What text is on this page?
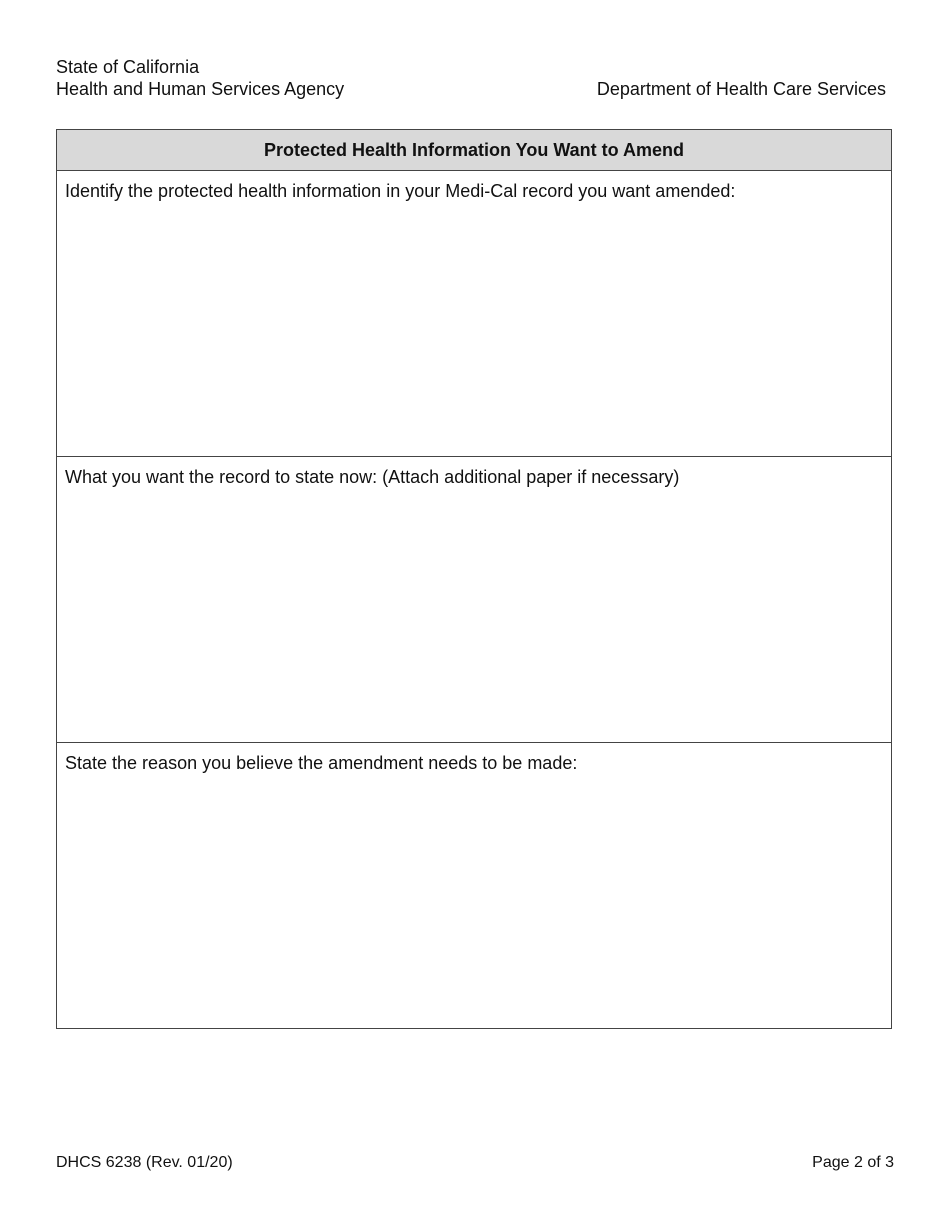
State of California
Health and Human Services Agency	Department of Health Care Services
Protected Health Information You Want to Amend
Identify the protected health information in your Medi-Cal record you want amended:
What you want the record to state now: (Attach additional paper if necessary)
State the reason you believe the amendment needs to be made:
DHCS 6238 (Rev. 01/20)	Page 2 of 3
